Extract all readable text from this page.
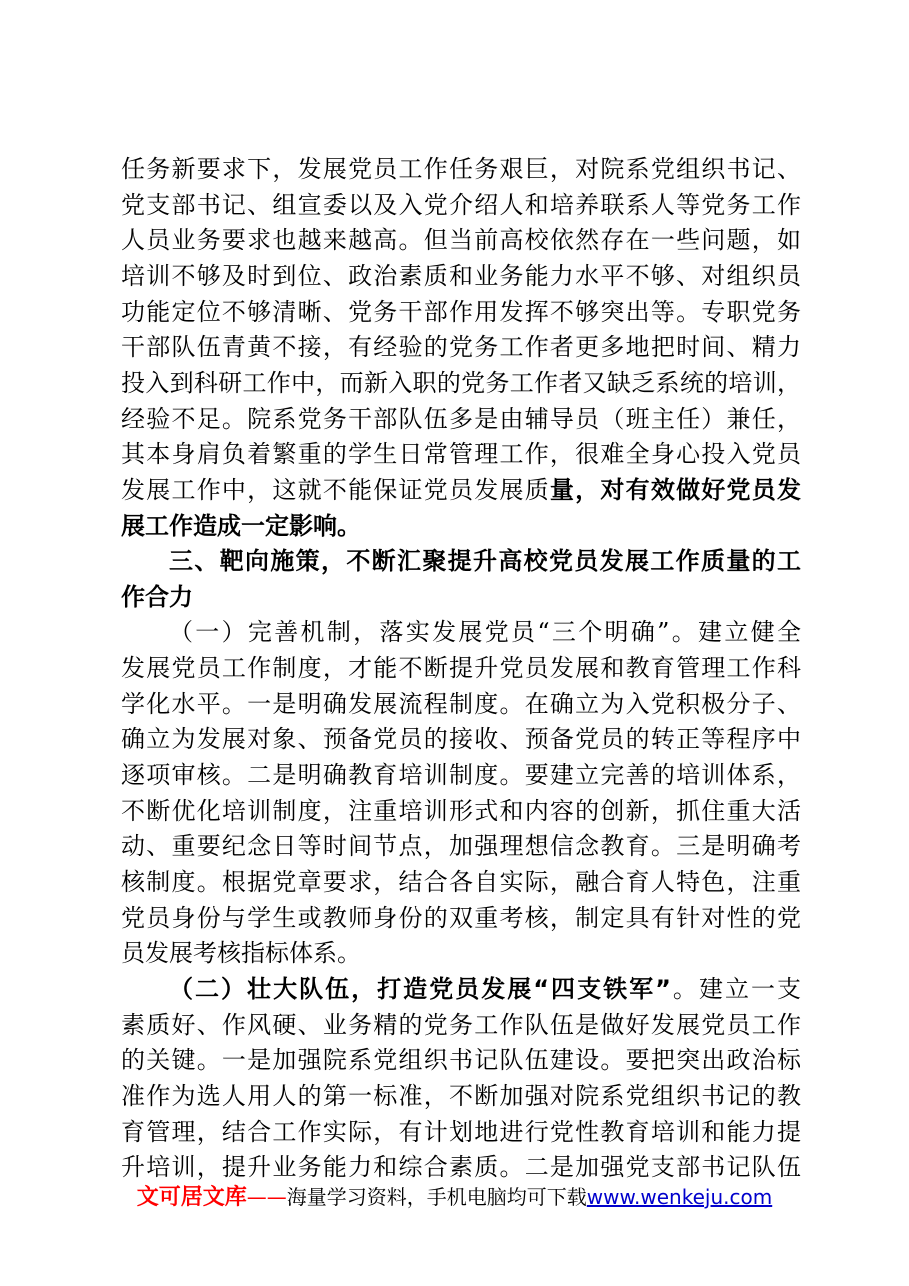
任务新要求下，发展党员工作任务艰巨，对院系党组织书记、
党支部书记、组宣委以及入党介绍人和培养联系人等党务工作
人员业务要求也越来越高。但当前高校依然存在一些问题，如
培训不够及时到位、政治素质和业务能力水平不够、对组织员
功能定位不够清晰、党务干部作用发挥不够突出等。专职党务
干部队伍青黄不接，有经验的党务工作者更多地把时间、精力
投入到科研工作中，而新入职的党务工作者又缺乏系统的培训，
经验不足。院系党务干部队伍多是由辅导员（班主任）兼任，
其本身肩负着繁重的学生日常管理工作，很难全身心投入党员
发展工作中，这就不能保证党员发展质量，对有效做好党员发
展工作造成一定影响。
三、靶向施策，不断汇聚提升高校党员发展工作质量的工
作合力
（一）完善机制，落实发展党员“三个明确”。建立健全
发展党员工作制度，才能不断提升党员发展和教育管理工作科
学化水平。一是明确发展流程制度。在确立为入党积极分子、
确立为发展对象、预备党员的接收、预备党员的转正等程序中
逐项审核。二是明确教育培训制度。要建立完善的培训体系，
不断优化培训制度，注重培训形式和内容的创新，抓住重大活
动、重要纪念日等时间节点，加强理想信念教育。三是明确考
核制度。根据党章要求，结合各自实际，融合育人特色，注重
党员身份与学生或教师身份的双重考核，制定具有针对性的党
员发展考核指标体系。
（二）壮大队伍，打造党员发展“四支铁军”。建立一支
素质好、作风硬、业务精的党务工作队伍是做好发展党员工作
的关键。一是加强院系党组织书记队伍建设。要把突出政治标
准作为选人用人的第一标准，不断加强对院系党组织书记的教
育管理，结合工作实际，有计划地进行党性教育培训和能力提
升培训，提升业务能力和综合素质。二是加强党支部书记队伍
文可居文库——海量学习资料，手机电脑均可下载www.wenkeju.com
